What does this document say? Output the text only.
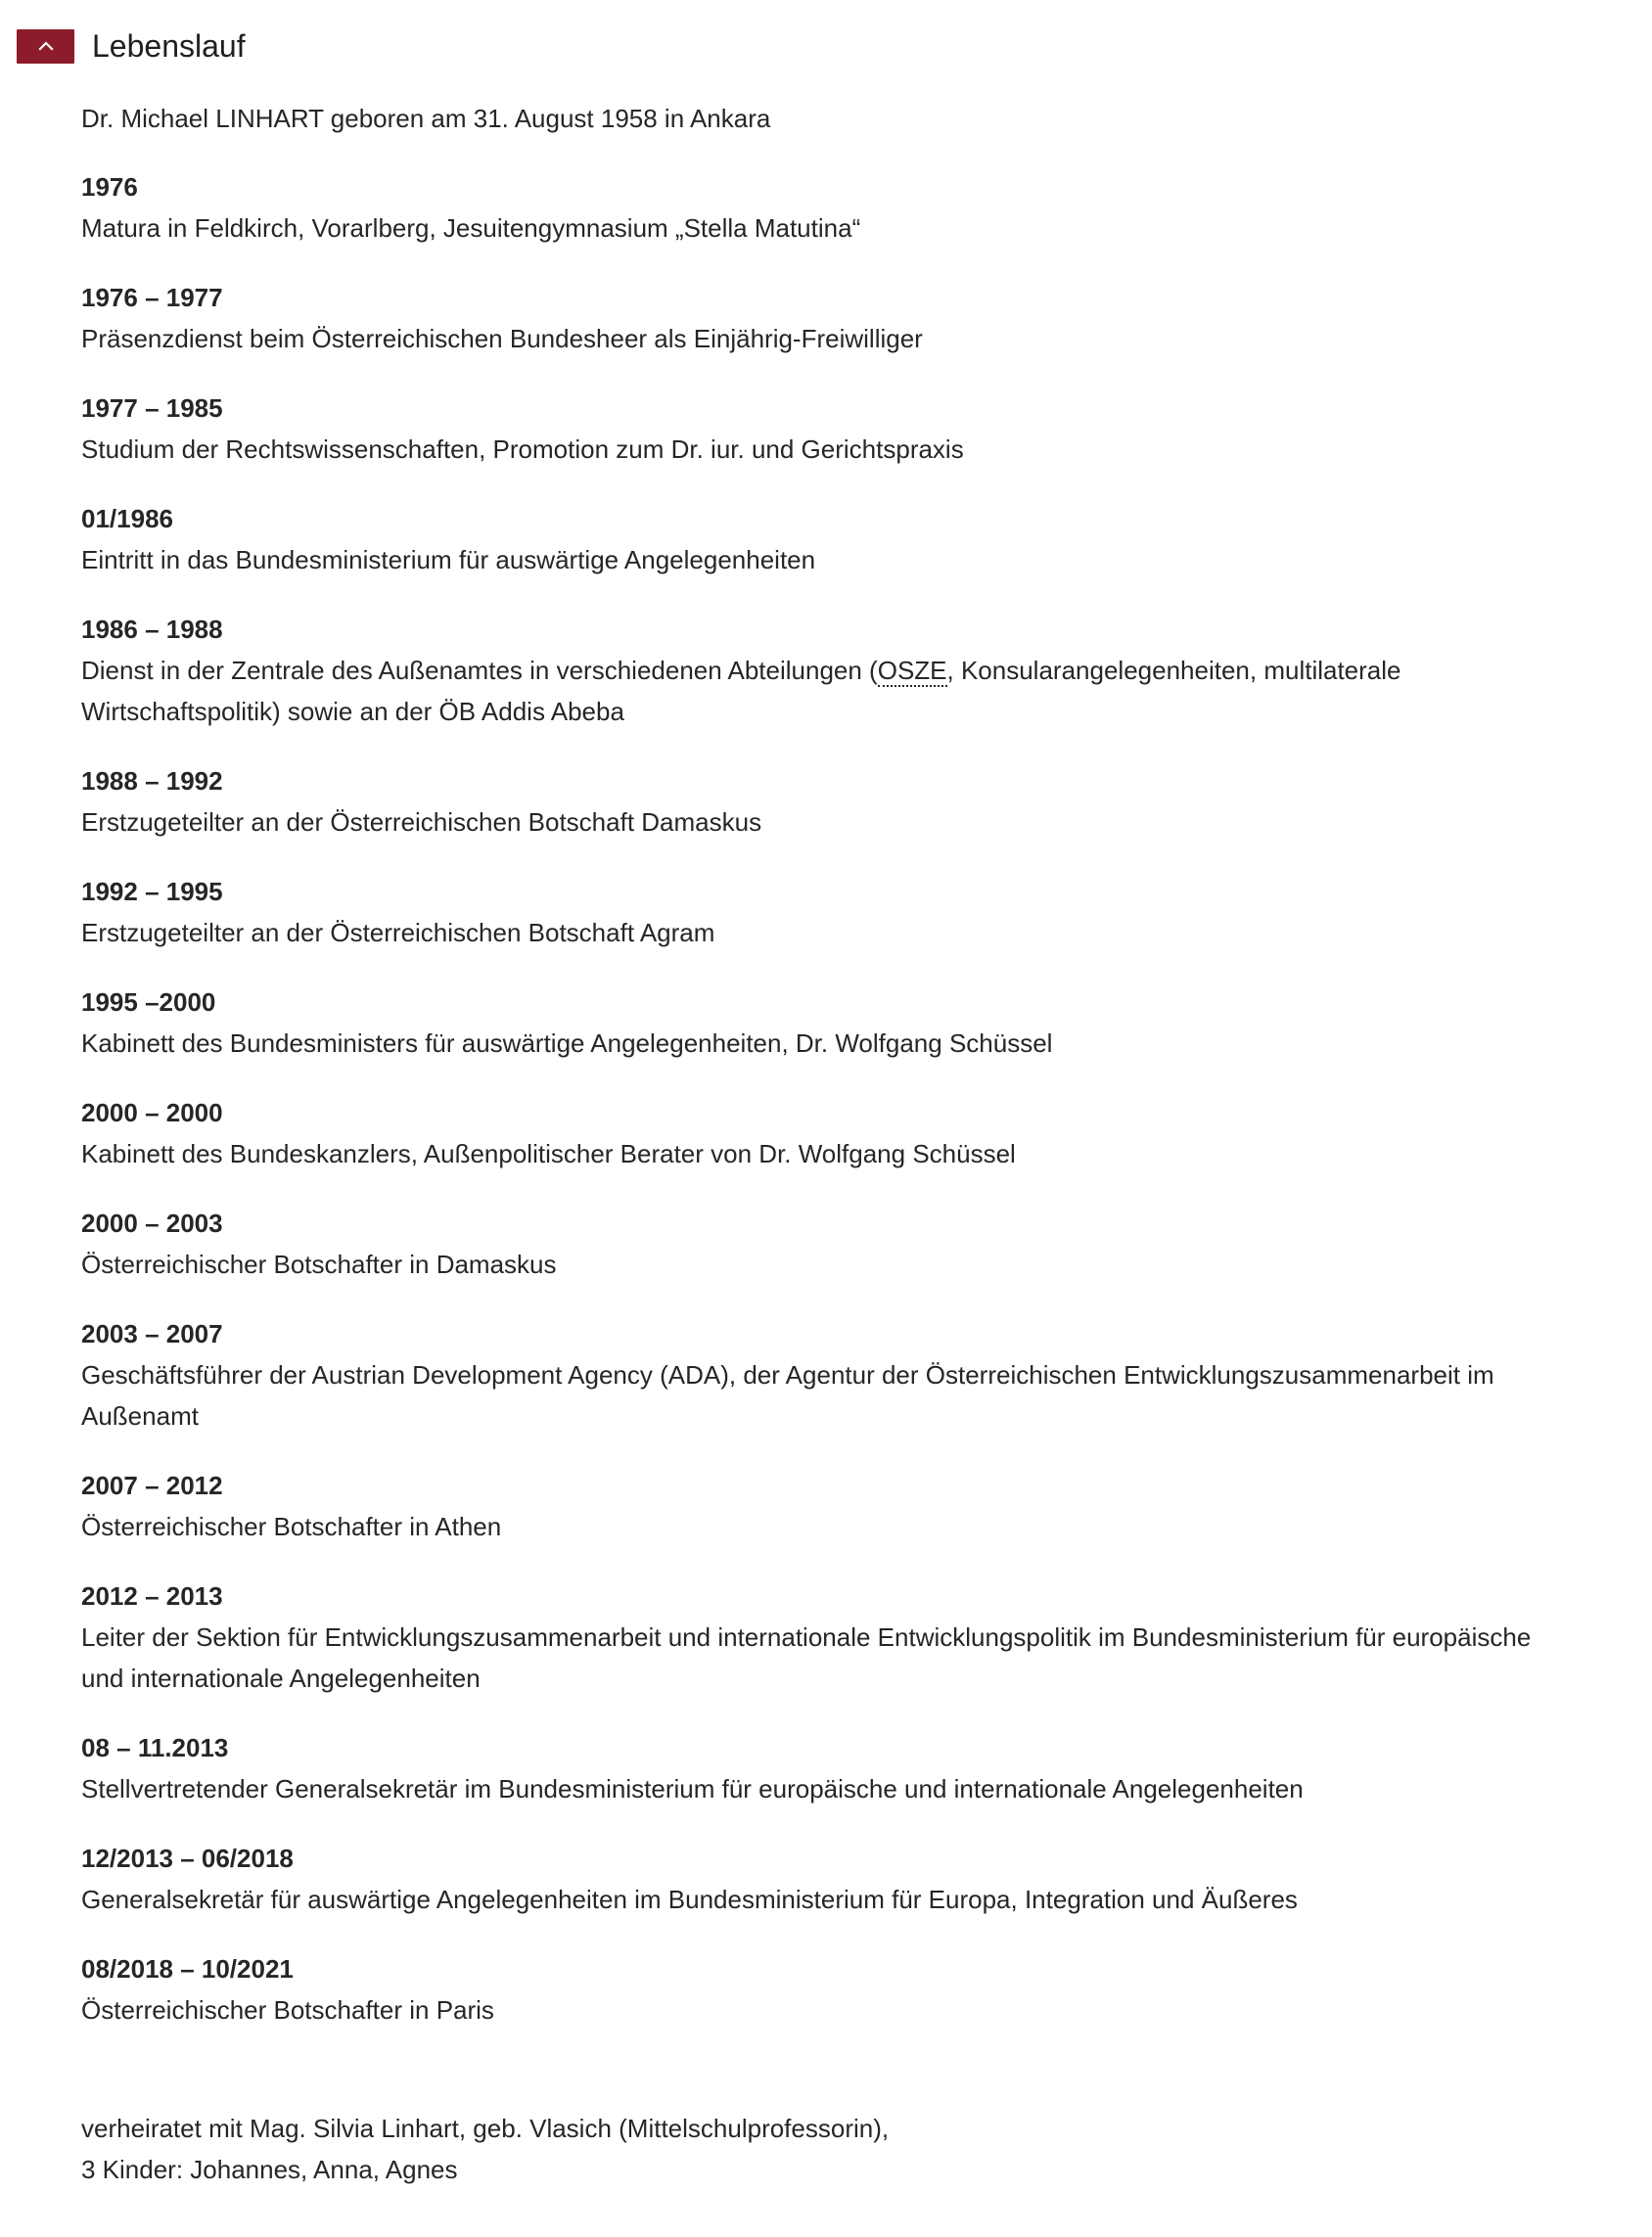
Lebenslauf

Dr. Michael LINHART geboren am 31. August 1958 in Ankara

1976
Matura in Feldkirch, Vorarlberg, Jesuitengymnasium „Stella Matutina“
1976 – 1977
Präsenzdienst beim Österreichischen Bundesheer als Einjährig-Freiwilliger
1977 – 1985
Studium der Rechtswissenschaften, Promotion zum Dr. iur. und Gerichtspraxis
01/1986
Eintritt in das Bundesministerium für auswärtige Angelegenheiten
1986 – 1988
Dienst in der Zentrale des Außenamtes in verschiedenen Abteilungen (OSZE, Konsularangelegenheiten, multilaterale Wirtschaftspolitik) sowie an der ÖB Addis Abeba
1988 – 1992
Erstzugeteilter an der Österreichischen Botschaft Damaskus
1992 – 1995
Erstzugeteilter an der Österreichischen Botschaft Agram
1995 –2000
Kabinett des Bundesministers für auswärtige Angelegenheiten, Dr. Wolfgang Schüssel
2000 – 2000
Kabinett des Bundeskanzlers, Außenpolitischer Berater von Dr. Wolfgang Schüssel
2000 – 2003
Österreichischer Botschafter in Damaskus
2003 – 2007
Geschäftsführer der Austrian Development Agency (ADA), der Agentur der Österreichischen Entwicklungszusammenarbeit im Außenamt
2007 – 2012
Österreichischer Botschafter in Athen
2012 – 2013
Leiter der Sektion für Entwicklungszusammenarbeit und internationale Entwicklungspolitik im Bundesministerium für europäische und internationale Angelegenheiten
08 – 11.2013
Stellvertretender Generalsekretär im Bundesministerium für europäische und internationale Angelegenheiten
12/2013 – 06/2018
Generalsekretär für auswärtige Angelegenheiten im Bundesministerium für Europa, Integration und Äußeres
08/2018 – 10/2021
Österreichischer Botschafter in Paris
verheiratet mit Mag. Silvia Linhart, geb. Vlasich (Mittelschulprofessorin),
3 Kinder: Johannes, Anna, Agnes
